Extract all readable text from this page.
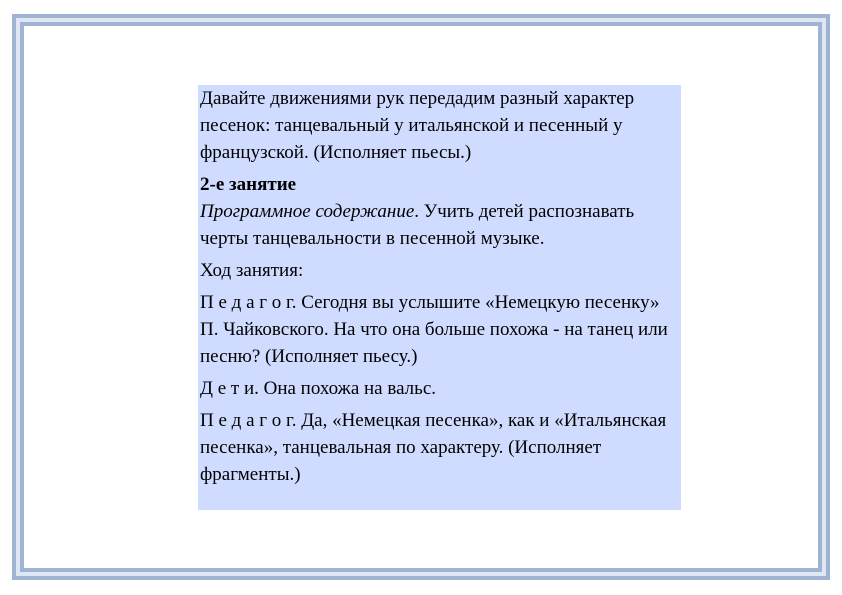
Давайте движениями рук передадим разный характер песенок: танцевальный у итальянской и песенный у французской. (Исполняет пьесы.)

2-е занятие
Программное содержание. Учить детей распознавать черты танцевальности в песенной музыке.

Ход занятия:

П е д а г о г. Сегодня вы услышите «Немецкую песенку» П. Чайковского. На что она больше похожа - на танец или песню? (Исполняет пьесу.)

Д е т и. Она похожа на вальс.

П е д а г о г. Да, «Немецкая песенка», как и «Итальянская песенка», танцевальная по характеру. (Исполняет фрагменты.)
